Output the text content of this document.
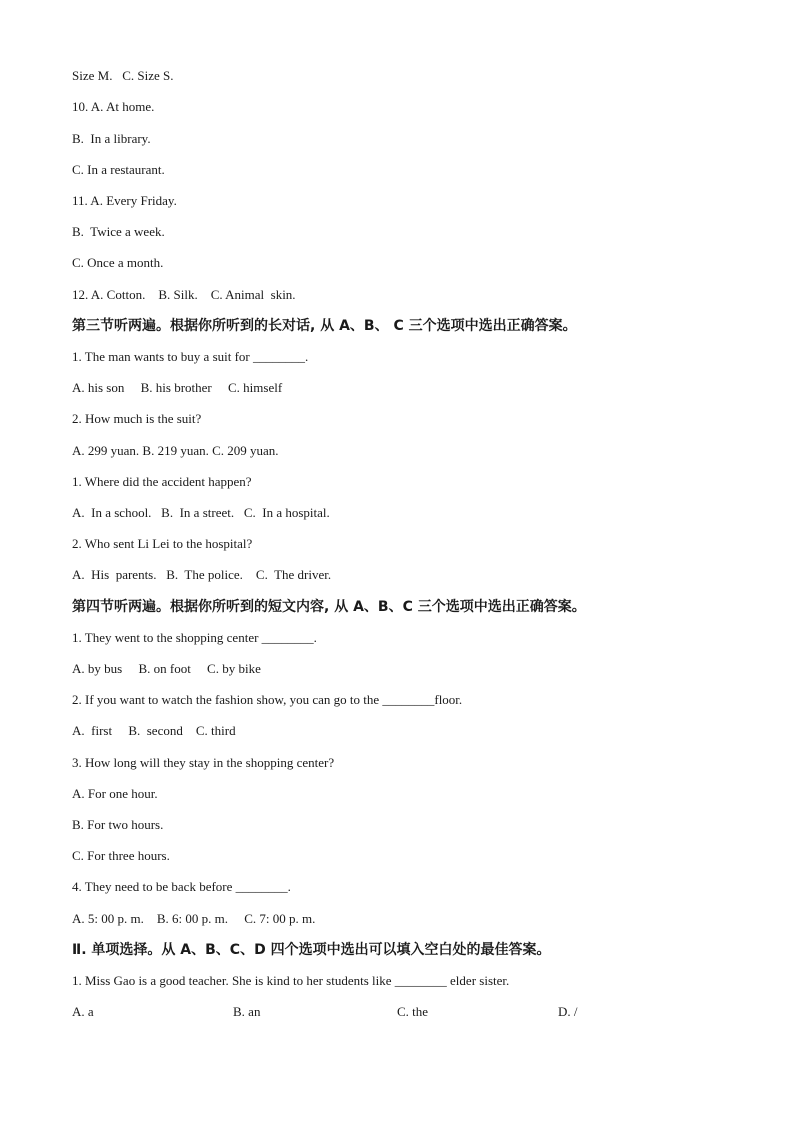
Size M.   C. Size S.
10. A. At home.
B.  In a library.
C. In a restaurant.
11. A. Every Friday.
B.  Twice a week.
C. Once a month.
12. A. Cotton.    B. Silk.    C. Animal  skin.
第三节听两遍。根据你所听到的长对话, 从 A、B、 C 三个选项中选出正确答案。
1. The man wants to buy a suit for ________.
A. his son     B. his brother     C. himself
2. How much is the suit?
A. 299 yuan. B. 219 yuan. C. 209 yuan.
1. Where did the accident happen?
A.  In a school.   B.  In a street.   C.  In a hospital.
2. Who sent Li Lei to the hospital?
A.  His  parents.   B.  The police.    C.  The driver.
第四节听两遍。根据你所听到的短文内容, 从 A、B、C 三个选项中选出正确答案。
1. They went to the shopping center ________.
A. by bus     B. on foot     C. by bike
2. If you want to watch the fashion show, you can go to the ________floor.
A.  first     B.  second    C. third
3. How long will they stay in the shopping center?
A. For one hour.
B. For two hours.
C. For three hours.
4. They need to be back before ________.
A. 5: 00 p. m.    B. 6: 00 p. m.     C. 7: 00 p. m.
Ⅱ. 单项选择。从 A、B、C、D 四个选项中选出可以填入空白处的最佳答案。
1. Miss Gao is a good teacher. She is kind to her students like ________ elder sister.
A. a	B. an	C. the	D. /
